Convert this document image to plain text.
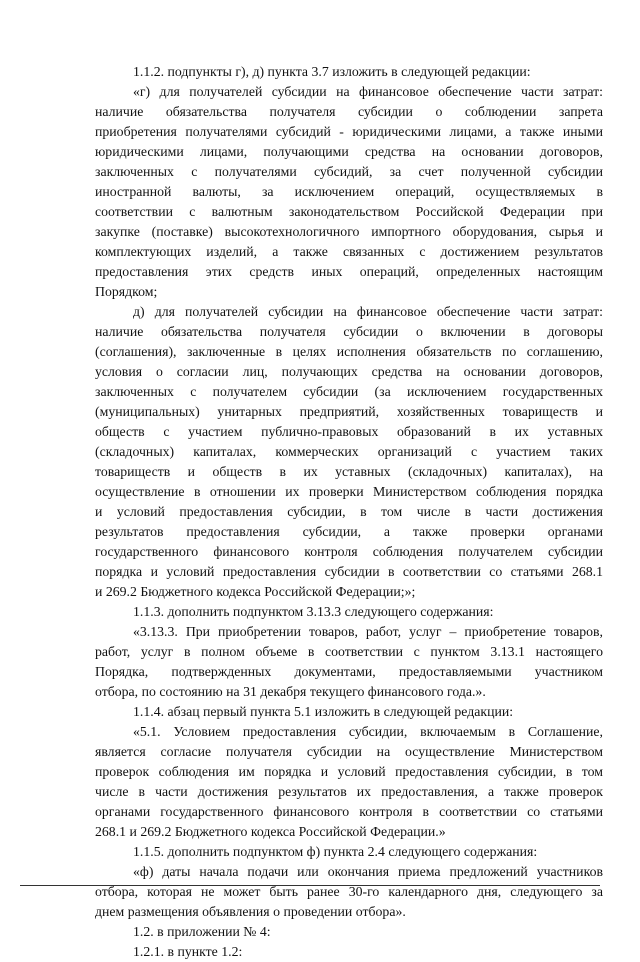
1.1.2. подпункты г), д) пункта 3.7 изложить в следующей редакции:
«г) для получателей субсидии на финансовое обеспечение части затрат:
наличие обязательства получателя субсидии о соблюдении запрета
приобретения получателями субсидий - юридическими лицами, а также иными
юридическими лицами, получающими средства на основании договоров,
заключенных с получателями субсидий, за счет полученной субсидии
иностранной валюты, за исключением операций, осуществляемых в
соответствии с валютным законодательством Российской Федерации при
закупке (поставке) высокотехнологичного импортного оборудования, сырья и
комплектующих изделий, а также связанных с достижением результатов
предоставления этих средств иных операций, определенных настоящим
Порядком;
д) для получателей субсидии на финансовое обеспечение части затрат:
наличие обязательства получателя субсидии о включении в договоры
(соглашения), заключенные в целях исполнения обязательств по соглашению,
условия о согласии лиц, получающих средства на основании договоров,
заключенных с получателем субсидии (за исключением государственных
(муниципальных) унитарных предприятий, хозяйственных товариществ и
обществ с участием публично-правовых образований в их уставных
(складочных) капиталах, коммерческих организаций с участием таких
товариществ и обществ в их уставных (складочных) капиталах), на
осуществление в отношении их проверки Министерством соблюдения порядка
и условий предоставления субсидии, в том числе в части достижения
результатов предоставления субсидии, а также проверки органами
государственного финансового контроля соблюдения получателем субсидии
порядка и условий предоставления субсидии в соответствии со статьями 268.1
и 269.2 Бюджетного кодекса Российской Федерации;»;
1.1.3. дополнить подпунктом 3.13.3 следующего содержания:
«3.13.3. При приобретении товаров, работ, услуг – приобретение товаров,
работ, услуг в полном объеме в соответствии с пунктом 3.13.1 настоящего
Порядка, подтвержденных документами, предоставляемыми участником
отбора, по состоянию на 31 декабря текущего финансового года.».
1.1.4. абзац первый пункта 5.1 изложить в следующей редакции:
«5.1. Условием предоставления субсидии, включаемым в Соглашение,
является согласие получателя субсидии на осуществление Министерством
проверок соблюдения им порядка и условий предоставления субсидии, в том
числе в части достижения результатов их предоставления, а также проверок
органами государственного финансового контроля в соответствии со статьями
268.1 и 269.2 Бюджетного кодекса Российской Федерации.»
1.1.5. дополнить подпунктом ф) пункта 2.4 следующего содержания:
«ф) даты начала подачи или окончания приема предложений участников
отбора, которая не может быть ранее 30-го календарного дня, следующего за
днем размещения объявления о проведении отбора».
1.2. в приложении № 4:
1.2.1. в пункте 1.2:
